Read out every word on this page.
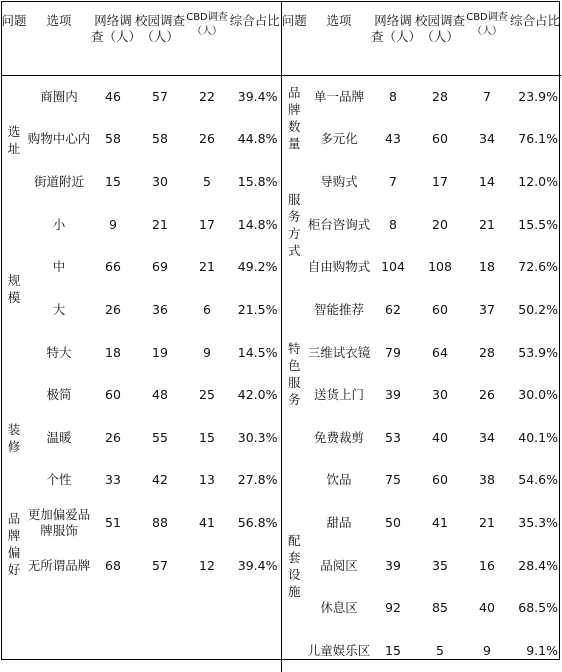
问题	选项	网络调查（人）	校园调查（人）	CBD调查（人）	综合占比	问题	选项	网络调查（人）	校园调查（人）	CBD调查（人）	综合占比

选址	商圈内	46	57	22	39.4%	品牌数量	单一品牌	8	28	7	23.9%

	购物中心内	58	58	26	44.8%		多元化	43	60	34	76.1%

	街道附近	15	30	5	15.8%	服务方式	导购式	7	17	14	12.0%

规模	小	9	21	17	14.8%		柜台咨询式	8	20	21	15.5%

	中	66	69	21	49.2%		自由购物式	104	108	18	72.6%

	大	26	36	6	21.5%	特色服务	智能推荐	62	60	37	50.2%

	特大	18	19	9	14.5%		三维试衣镜	79	64	28	53.9%

装修	极简	60	48	25	42.0%		送货上门	39	30	26	30.0%

	温暖	26	55	15	30.3%		免费裁剪	53	40	34	40.1%

	个性	33	42	13	27.8%	配套设施	饮品	75	60	38	54.6%

品牌偏好	更加偏爱品牌服饰	51	88	41	56.8%		甜品	50	41	21	35.3%

	无所谓品牌	68	57	12	39.4%		品阅区	39	35	16	28.4%

							休息区	92	85	40	68.5%

							儿童娱乐区	15	5	9	9.1%
